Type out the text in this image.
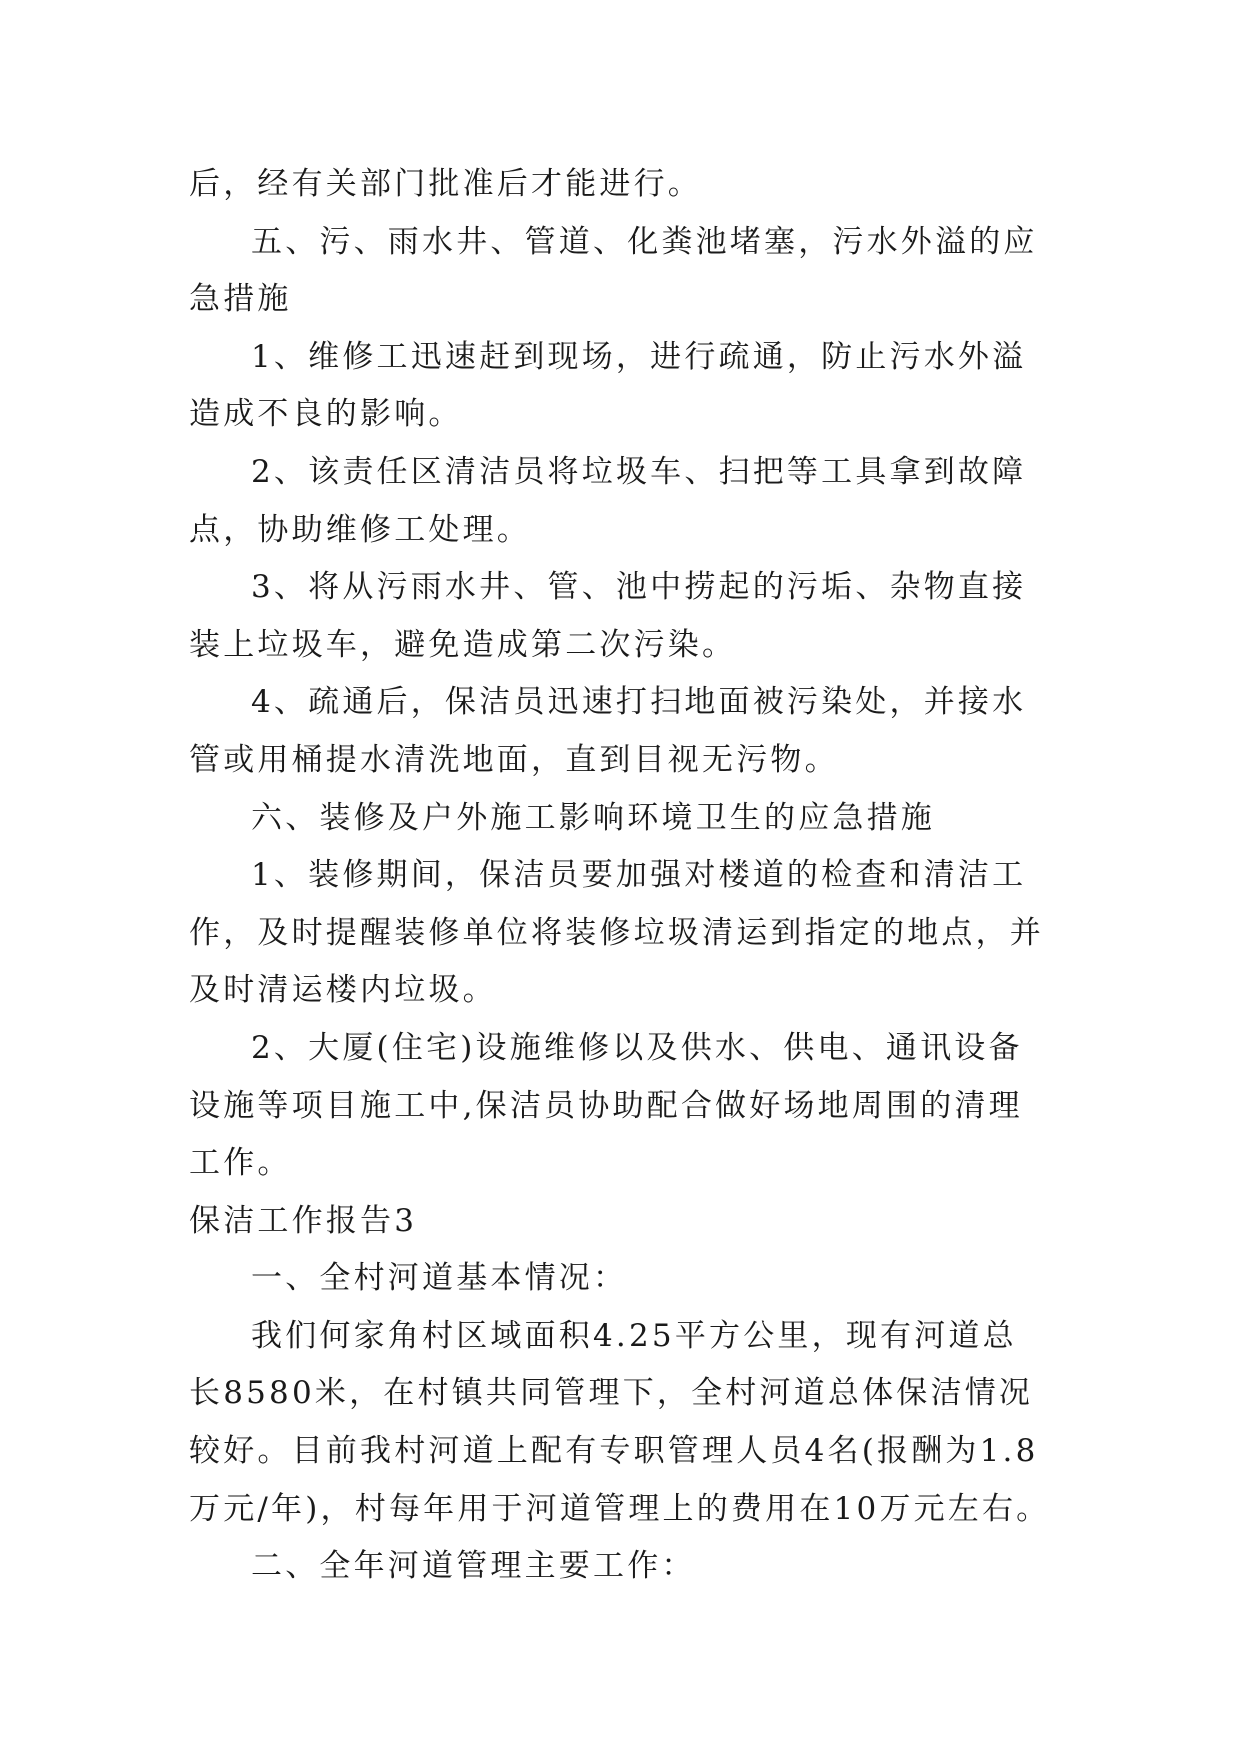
后，经有关部门批准后才能进行。

五、污、雨水井、管道、化粪池堵塞，污水外溢的应急措施

1、维修工迅速赶到现场，进行疏通，防止污水外溢造成不良的影响。

2、该责任区清洁员将垃圾车、扫把等工具拿到故障点，协助维修工处理。

3、将从污雨水井、管、池中捞起的污垢、杂物直接装上垃圾车，避免造成第二次污染。

4、疏通后，保洁员迅速打扫地面被污染处，并接水管或用桶提水清洗地面，直到目视无污物。

六、装修及户外施工影响环境卫生的应急措施

1、装修期间，保洁员要加强对楼道的检查和清洁工作，及时提醒装修单位将装修垃圾清运到指定的地点，并及时清运楼内垃圾。

2、大厦(住宅)设施维修以及供水、供电、通讯设备设施等项目施工中,保洁员协助配合做好场地周围的清理工作。

保洁工作报告3

一、全村河道基本情况：

我们何家角村区域面积4.25平方公里，现有河道总长8580米，在村镇共同管理下，全村河道总体保洁情况较好。目前我村河道上配有专职管理人员4名(报酬为1.8万元/年)，村每年用于河道管理上的费用在10万元左右。

二、全年河道管理主要工作：
